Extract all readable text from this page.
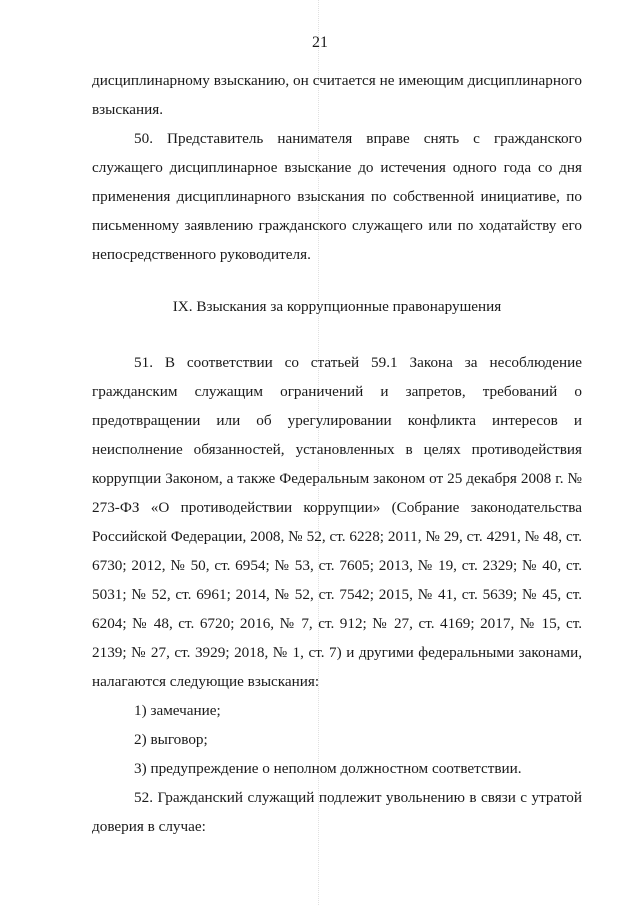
21

дисциплинарному взысканию, он считается не имеющим дисциплинарного взыскания.

50. Представитель нанимателя вправе снять с гражданского служащего дисциплинарное взыскание до истечения одного года со дня применения дисциплинарного взыскания по собственной инициативе, по письменному заявлению гражданского служащего или по ходатайству его непосредственного руководителя.

IX. Взыскания за коррупционные правонарушения

51. В соответствии со статьей 59.1 Закона за несоблюдение гражданским служащим ограничений и запретов, требований о предотвращении или об урегулировании конфликта интересов и неисполнение обязанностей, установленных в целях противодействия коррупции Законом, а также Федеральным законом от 25 декабря 2008 г. № 273-ФЗ «О противодействии коррупции» (Собрание законодательства Российской Федерации, 2008, № 52, ст. 6228; 2011, № 29, ст. 4291, № 48, ст. 6730; 2012, № 50, ст. 6954; № 53, ст. 7605; 2013, № 19, ст. 2329; № 40, ст. 5031; № 52, ст. 6961; 2014, № 52, ст. 7542; 2015, № 41, ст. 5639; № 45, ст. 6204; № 48, ст. 6720; 2016, № 7, ст. 912; № 27, ст. 4169; 2017, № 15, ст. 2139; № 27, ст. 3929; 2018, № 1, ст. 7) и другими федеральными законами, налагаются следующие взыскания:

1) замечание;

2) выговор;

3) предупреждение о неполном должностном соответствии.

52. Гражданский служащий подлежит увольнению в связи с утратой доверия в случае:
